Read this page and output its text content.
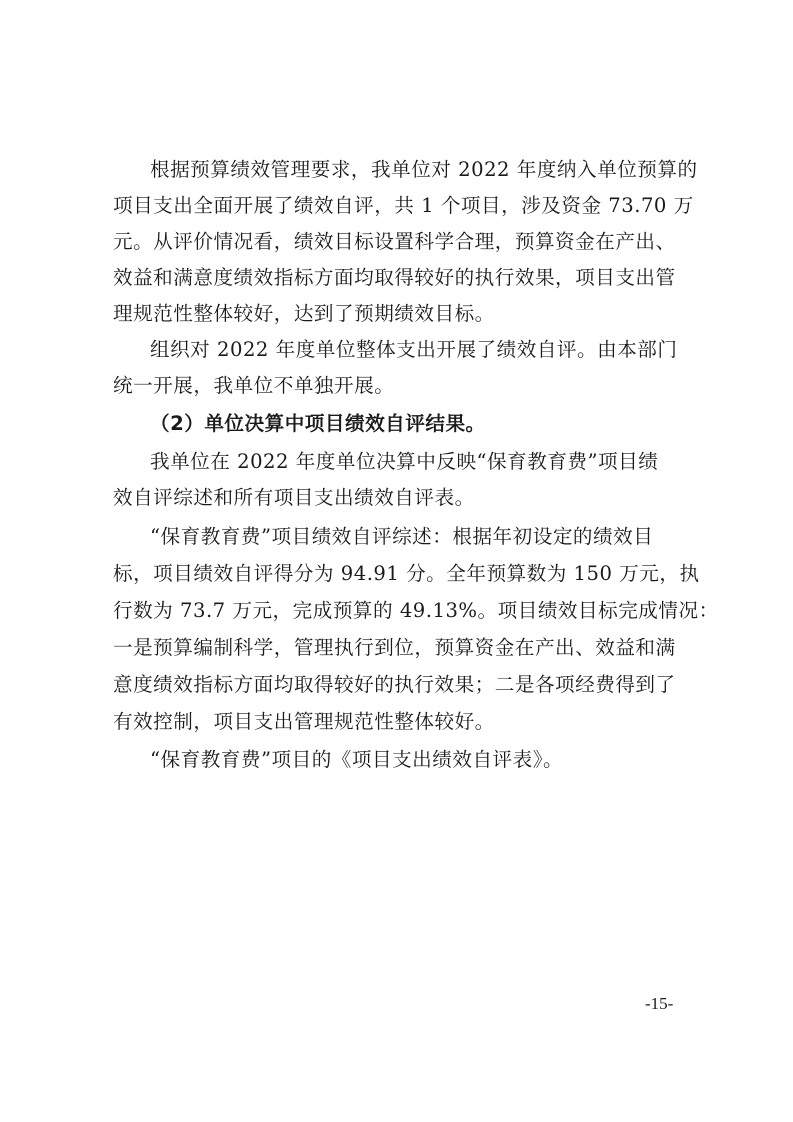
根据预算绩效管理要求，我单位对 2022 年度纳入单位预算的
项目支出全面开展了绩效自评，共 1 个项目，涉及资金 73.70 万
元。从评价情况看，绩效目标设置科学合理，预算资金在产出、
效益和满意度绩效指标方面均取得较好的执行效果，项目支出管
理规范性整体较好，达到了预期绩效目标。
组织对 2022 年度单位整体支出开展了绩效自评。由本部门
统一开展，我单位不单独开展。
（2）单位决算中项目绩效自评结果。
我单位在 2022 年度单位决算中反映“保育教育费”项目绩
效自评综述和所有项目支出绩效自评表。
“保育教育费”项目绩效自评综述：根据年初设定的绩效目
标，项目绩效自评得分为 94.91 分。全年预算数为 150 万元，执
行数为 73.7 万元，完成预算的 49.13%。项目绩效目标完成情况：
一是预算编制科学，管理执行到位，预算资金在产出、效益和满
意度绩效指标方面均取得较好的执行效果；二是各项经费得到了
有效控制，项目支出管理规范性整体较好。
“保育教育费”项目的《项目支出绩效自评表》。
-15-
